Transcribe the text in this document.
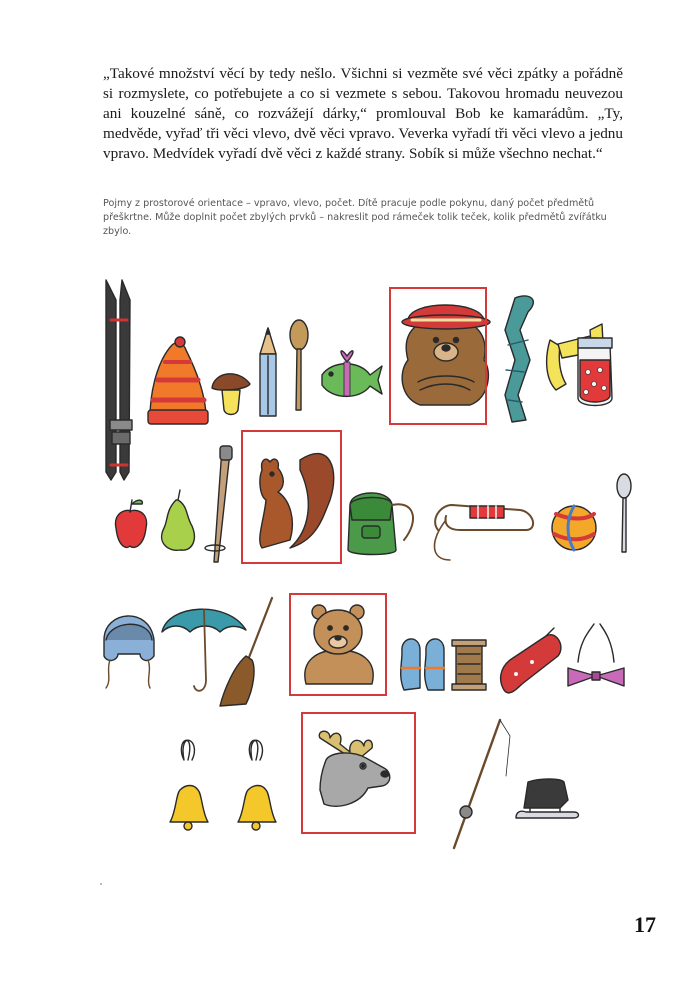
„Takové množství věcí by tedy nešlo. Všichni si vezměte své věci zpátky a pořádně si rozmyslete, co potřebujete a co si vezmete s sebou. Takovou hromadu neuvezou ani kouzelné sáně, co rozvážejí dárky,“ promlouval Bob ke kamarádům. „Ty, medvěde, vyřaď tři věci vlevo, dvě věci vpravo. Veverka vyřadí tři věci vlevo a jednu vpravo. Medvídek vyřadí dvě věci z každé strany. Sobík si může všechno nechat.“

Pojmy z prostorové orientace – vpravo, vlevo, počet. Dítě pracuje podle pokynu, daný počet předmětů přeškrtne. Může doplnit počet zbylých prvků – nakreslit pod rámeček tolik teček, kolik předmětů zvířátku zbylo.

17
